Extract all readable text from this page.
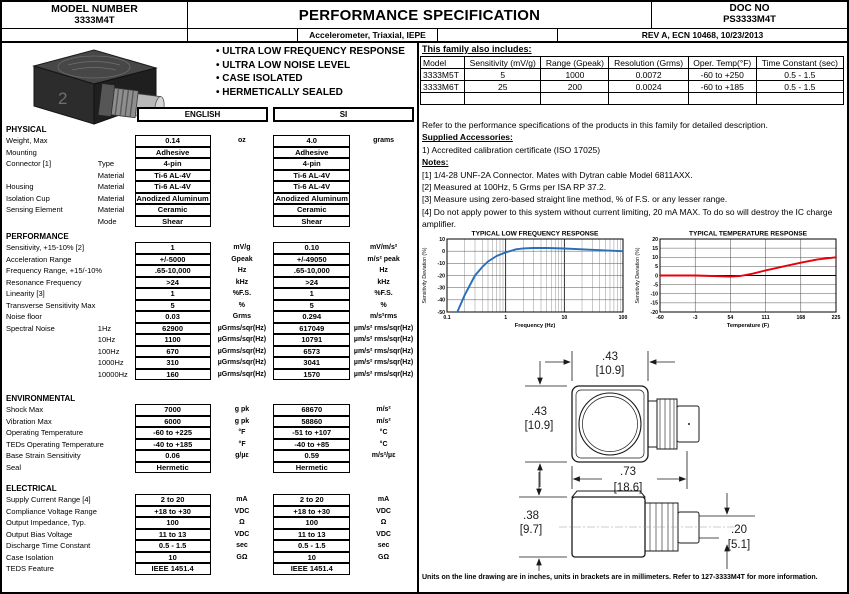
MODEL NUMBER
3333M4T	PERFORMANCE SPECIFICATION	DOC NO
PS3333M4T
Accelerometer, Triaxial, IEPE	REV A, ECN 10468, 10/23/2013
2
• ULTRA LOW FREQUENCY RESPONSE
• ULTRA LOW NOISE LEVEL
• CASE ISOLATED
• HERMETICALLY SEALED
ENGLISH	SI
PHYSICAL
Weight, Max	0.14	oz	4.0	grams
Mounting	Adhesive	Adhesive
Connector [1]	Type	4-pin	4-pin
Material	Ti-6 AL-4V	Ti-6 AL-4V
Housing	Material	Ti-6 AL-4V	Ti-6 AL-4V
Isolation Cup	Material	Anodized Aluminum	Anodized Aluminum
Sensing Element	Material	Ceramic	Ceramic
Mode	Shear	Shear
PERFORMANCE
Sensitivity, +15-10% [2]	1	mV/g	0.10	mV/m/s²
Acceleration Range	+/-5000	Gpeak	+/-49050	m/s² peak
Frequency Range, +15/-10%	.65-10,000	Hz	.65-10,000	Hz
Resonance Frequency	>24	kHz	>24	kHz
Linearity [3]	1	%F.S.	1	%F.S.
Transverse Sensitivity Max	5	%	5	%
Noise floor	0.03	Grms	0.294	m/s²rms
Spectral Noise	1Hz	62900	µGrms/sqr(Hz)	617049	µm/s² rms/sqr(Hz)
10Hz	1100	µGrms/sqr(Hz)	10791	µm/s² rms/sqr(Hz)
100Hz	670	µGrms/sqr(Hz)	6573	µm/s² rms/sqr(Hz)
1000Hz	310	µGrms/sqr(Hz)	3041	µm/s² rms/sqr(Hz)
10000Hz	160	µGrms/sqr(Hz)	1570	µm/s² rms/sqr(Hz)
ENVIRONMENTAL
Shock Max	7000	g pk	68670	m/s²
Vibration Max	6000	g pk	58860	m/s²
Operating Temperature	-60 to +225	°F	-51 to +107	°C
TEDs Operating Temperature	-40 to +185	°F	-40 to +85	°C
Base Strain Sensitivity	0.06	g/µε	0.59	m/s²/µε
Seal	Hermetic	Hermetic
ELECTRICAL
Supply Current Range [4]	2 to 20	mA	2 to 20	mA
Compliance Voltage Range	+18 to +30	VDC	+18 to +30	VDC
Output Impedance, Typ.	100	Ω	100	Ω
Output Bias Voltage	11 to 13	VDC	11 to 13	VDC
Discharge Time Constant	0.5 - 1.5	sec	0.5 - 1.5	sec
Case Isolation	10	GΩ	10	GΩ
TEDS Feature	IEEE 1451.4	IEEE 1451.4
This family also includes:
Model	Sensitivity (mV/g)	Range (Gpeak)	Resolution (Grms)	Oper. Temp(°F)	Time Constant (sec)
3333M5T	5	1000	0.0072	-60 to +250	0.5 - 1.5
3333M6T	25	200	0.0024	-60 to +185	0.5 - 1.5

Refer to the performance specifications of the products in this family for detailed description.

Supplied Accessories:

1) Accredited calibration certificate (ISO 17025)

Notes:

[1] 1/4-28 UNF-2A Connector. Mates with Dytran cable Model 6811AXX.

[2] Measured at 100Hz, 5 Grms per ISA RP 37.2.

[3] Measure using zero-based straight line method, % of F.S. or any lesser range.

[4] Do not apply power to this system without current limiting, 20 mA MAX. To do so will destroy the IC charge amplifier.

TYPICAL LOW FREQUENCY RESPONSE
10
0
-10
-20
-30
-40
-50
0.1	1	10	100
Frequency (Hz)
Sensitivity Deviation (%)
TYPICAL TEMPERATURE RESPONSE
20
15
10
5
0
-5
-10
-15
-20
-60	-3	54	111	168	225
Temperature (F)
Sensitivity Deviation (%)
.43
[10.9]
.43
[10.9]
.73
[18.6]
.38
[9.7]	.20
[5.1]
Units on the line drawing are in inches, units in brackets are in millimeters. Refer to 127-3333M4T for more information.
